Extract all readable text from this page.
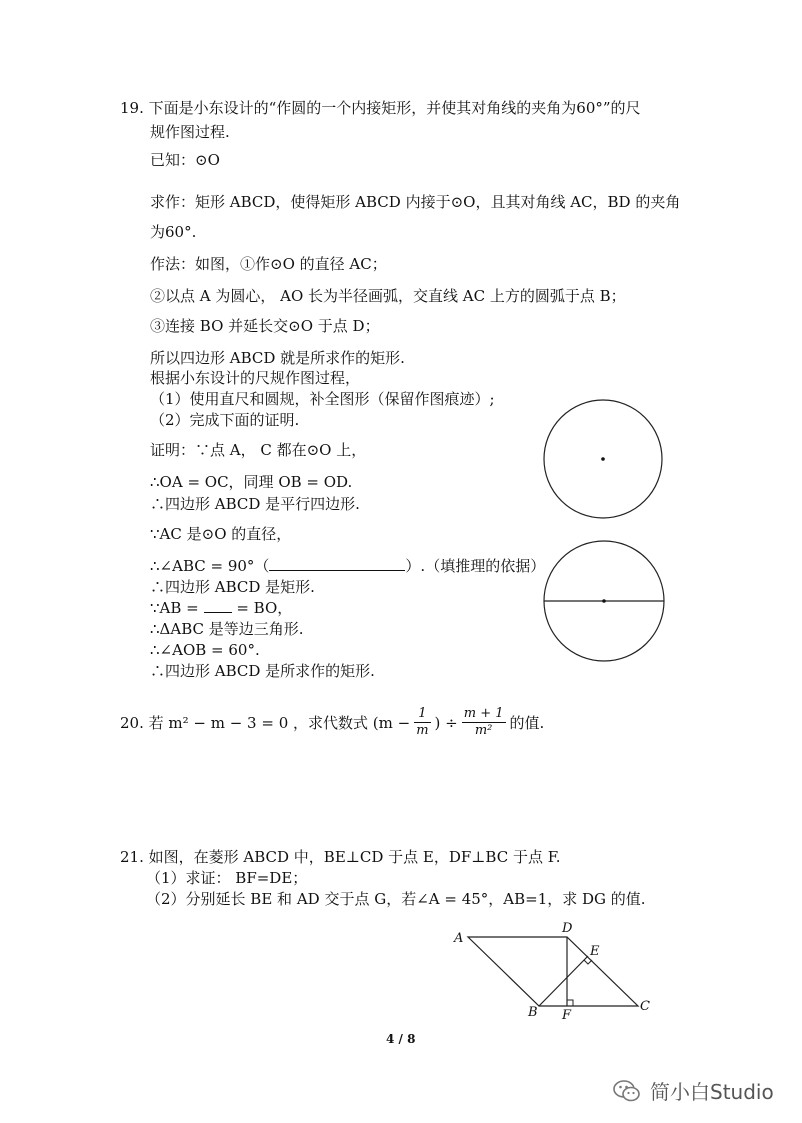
19. 下面是小东设计的“作圆的一个内接矩形，并使其对角线的夹角为60°”的尺
规作图过程.
已知：⊙O
求作：矩形 ABCD，使得矩形 ABCD 内接于⊙O，且其对角线 AC，BD 的夹角
为60°.
作法：如图，①作⊙O 的直径 AC；
②以点 A 为圆心， AO 长为半径画弧，交直线 AC 上方的圆弧于点 B；
③连接 BO 并延长交⊙O 于点 D；
所以四边形 ABCD 就是所求作的矩形.
根据小东设计的尺规作图过程，
（1）使用直尺和圆规，补全图形（保留作图痕迹）;
（2）完成下面的证明.
证明：∵点 A， C 都在⊙O 上，
∴OA = OC，同理 OB = OD.
∴四边形 ABCD 是平行四边形.
∵AC 是⊙O 的直径，
∴∠ABC = 90°（	）.（填推理的依据）
∴四边形 ABCD 是矩形.
∵AB =	= BO，
∴ΔABC 是等边三角形.
∴∠AOB = 60°.
∴四边形 ABCD 是所求作的矩形.
20. 若 m² − m − 3 = 0 ，求代数式 ($m - \frac{1}{m}$ ) ÷ $\frac{m + 1}{\text{m²}}$ 的值.
21. 如图，在菱形 ABCD 中，BE⊥CD 于点 E，DF⊥BC 于点 F.
（1）求证： BF=DE；
（2）分别延长 BE 和 AD 交于点 G，若∠A = 45°，AB=1，求 DG 的值.
A
D
E
C
B F
4 / 8
简小白Studio
